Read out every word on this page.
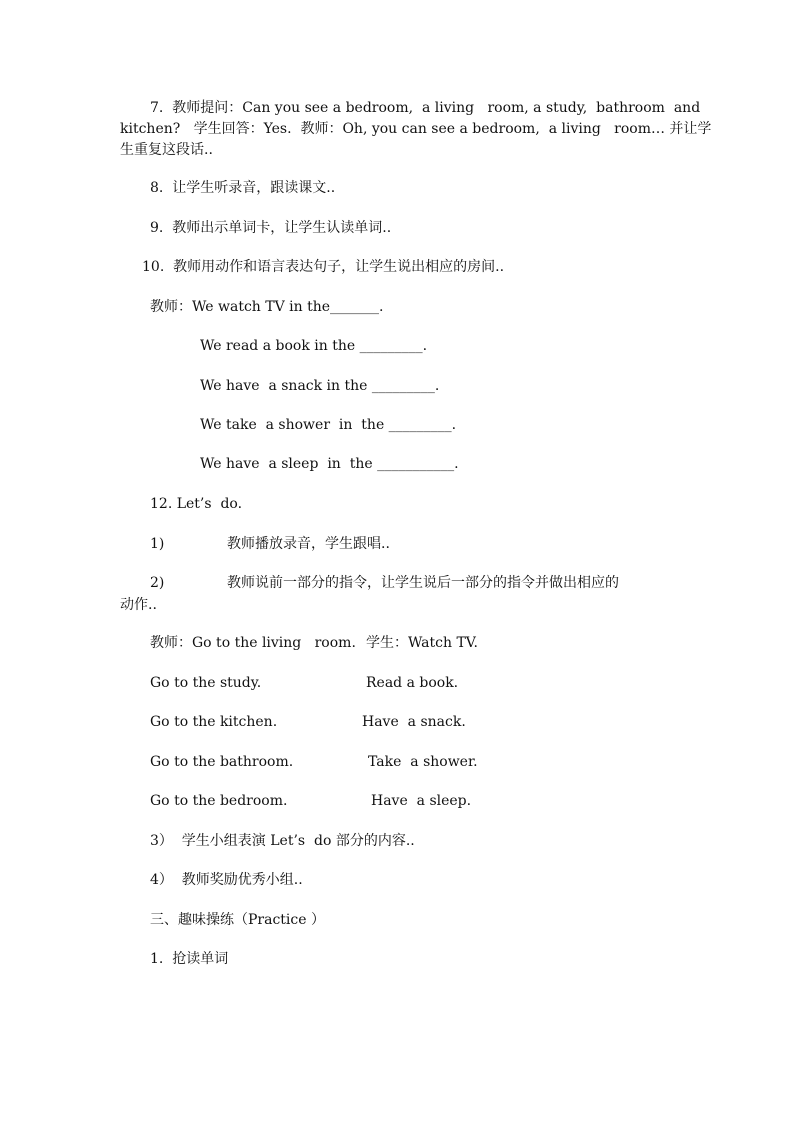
7.  教师提问：Can you see a bedroom,  a living   room, a study,  bathroom  and
kitchen?   学生回答：Yes.  教师：Oh, you can see a bedroom,  a living   room… 并让学
生重复这段话..
8.  让学生听录音，跟读课文..
9.  教师出示单词卡，让学生认读单词..
10.  教师用动作和语言表达句子，让学生说出相应的房间..
教师：We watch TV in the_______.
We read a book in the _________.
We have  a snack in the _________.
We take  a shower  in  the _________.
We have  a sleep  in  the ___________.
12. Let’s  do.
1)	教师播放录音，学生跟唱..
2)	教师说前一部分的指令，让学生说后一部分的指令并做出相应的
动作..
教师：Go to the living   room. 学生：Watch TV.
Go to the study.	Read a book.
Go to the kitchen.	Have  a snack.
Go to the bathroom.	Take  a shower.
Go to the bedroom.	Have  a sleep.
3）  学生小组表演 Let’s  do 部分的内容..
4）  教师奖励优秀小组..
三、趣味操练（Practice ）
1.  抢读单词
